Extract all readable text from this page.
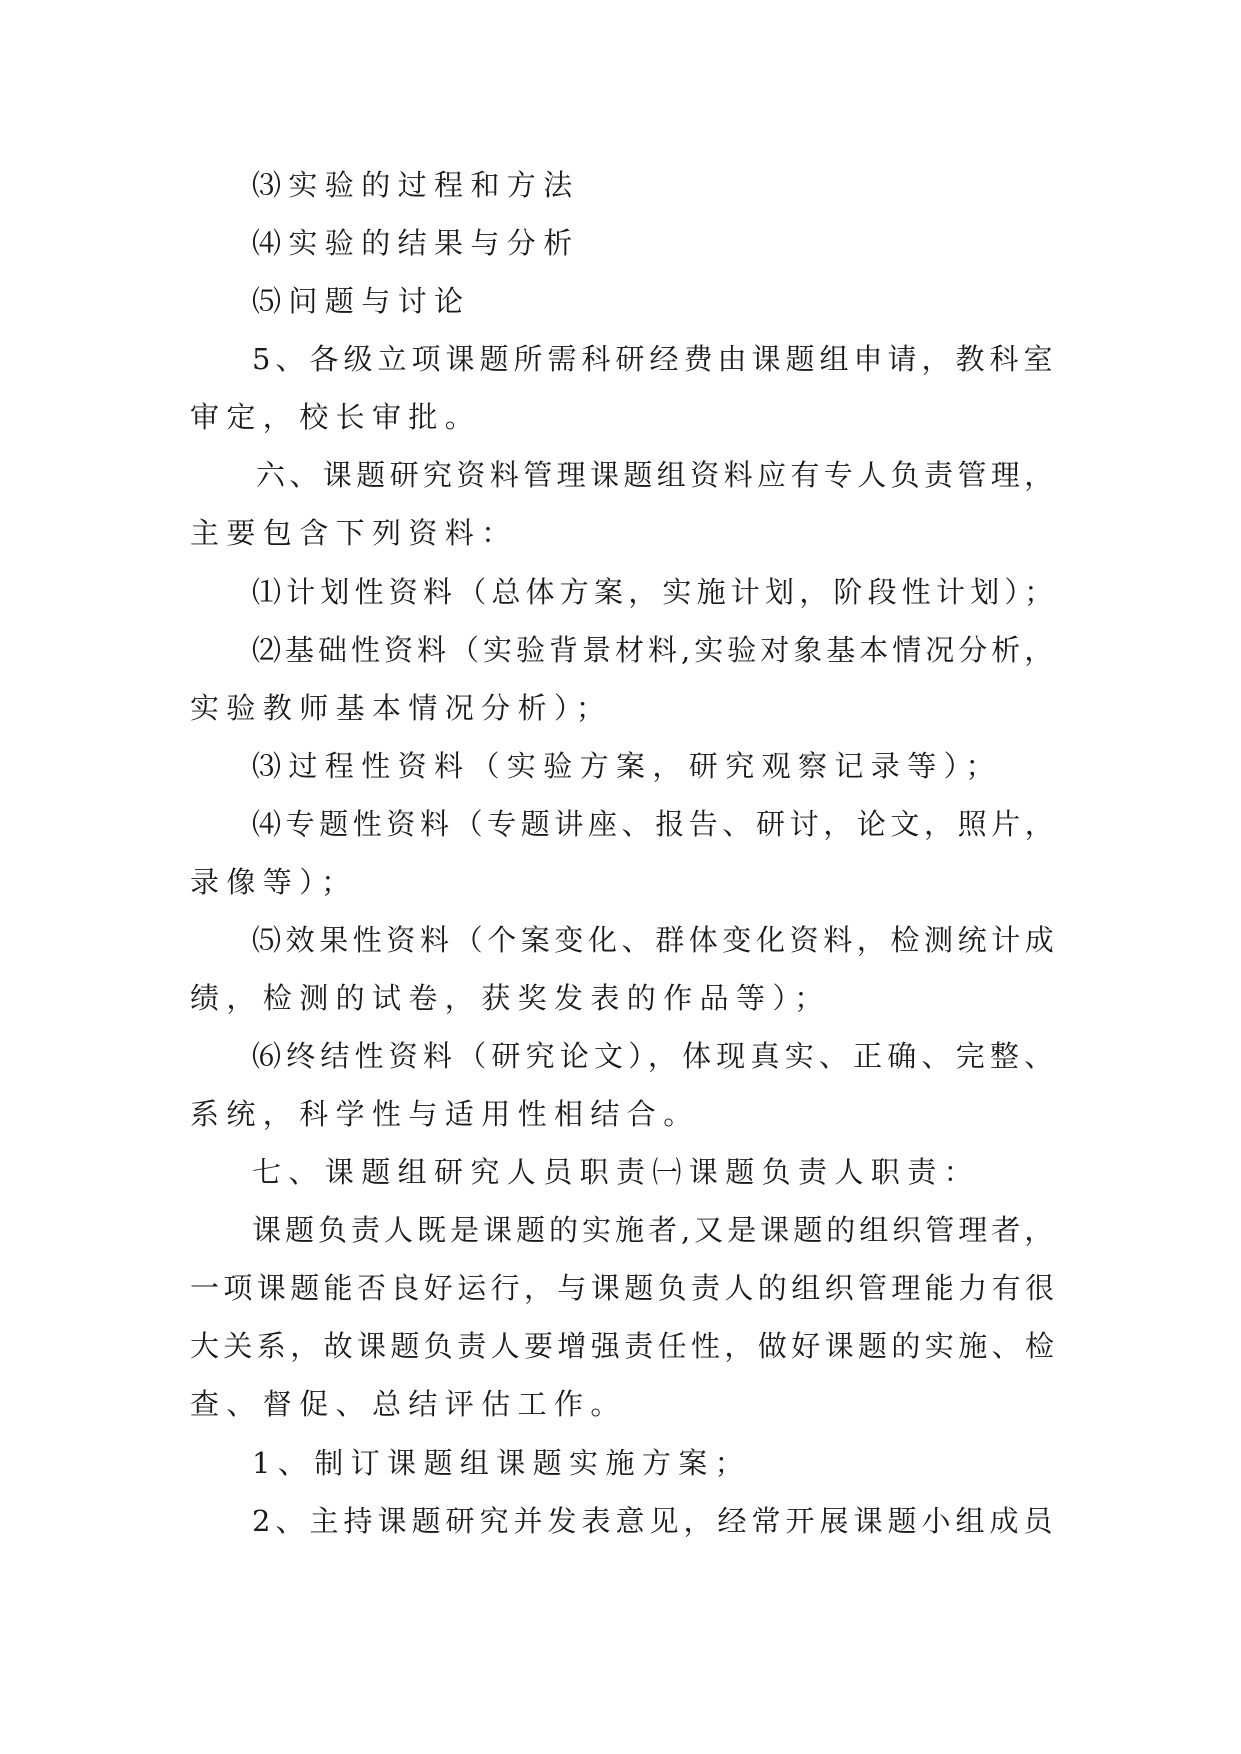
⑶实验的过程和方法
⑷实验的结果与分析
⑸问题与讨论
5、各级立项课题所需科研经费由课题组申请，教科室
审定，校长审批。
六、课题研究资料管理课题组资料应有专人负责管理，
主要包含下列资料：
⑴计划性资料（总体方案，实施计划，阶段性计划）；
⑵基础性资料（实验背景材料,实验对象基本情况分析，
实验教师基本情况分析）；
⑶过程性资料（实验方案，研究观察记录等）；
⑷专题性资料（专题讲座、报告、研讨，论文，照片，
录像等）；
⑸效果性资料（个案变化、群体变化资料，检测统计成
绩，检测的试卷，获奖发表的作品等）；
⑹终结性资料（研究论文），体现真实、正确、完整、
系统，科学性与适用性相结合。
七、课题组研究人员职责㈠课题负责人职责：
课题负责人既是课题的实施者,又是课题的组织管理者，
一项课题能否良好运行，与课题负责人的组织管理能力有很
大关系，故课题负责人要增强责任性，做好课题的实施、检
查、督促、总结评估工作。
1、制订课题组课题实施方案；
2、主持课题研究并发表意见，经常开展课题小组成员
